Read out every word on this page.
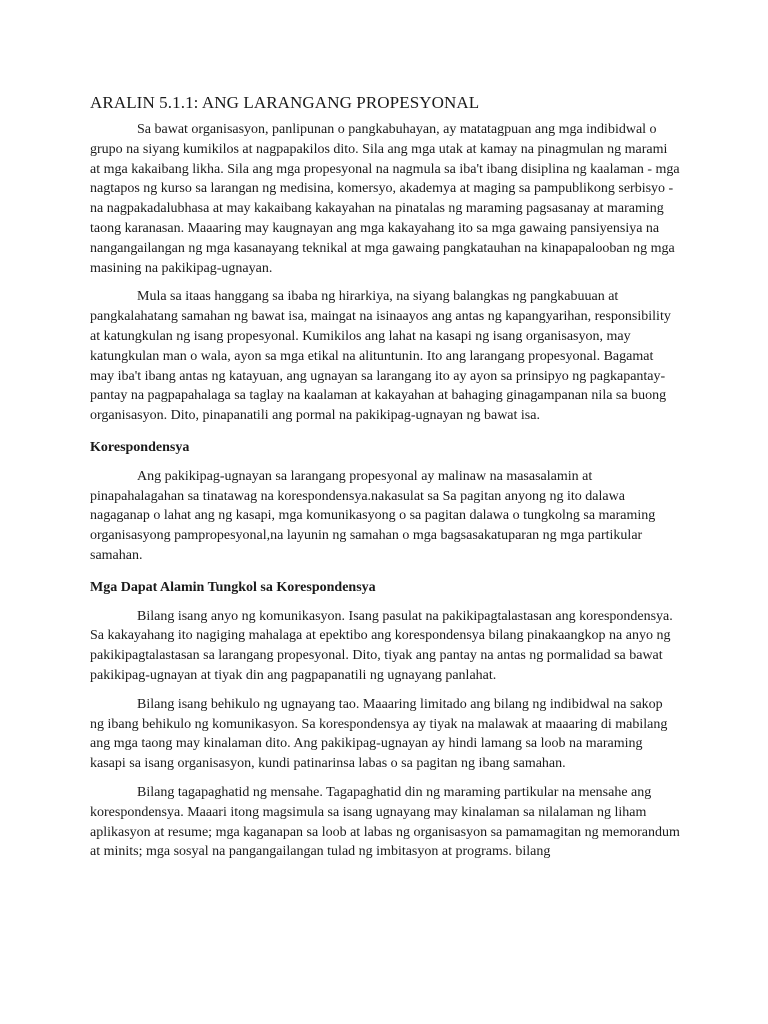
ARALIN 5.1.1: ANG LARANGANG PROPESYONAL

Sa bawat organisasyon, panlipunan o pangkabuhayan, ay matatagpuan ang mga indibidwal o grupo na siyang kumikilos at nagpapakilos dito. Sila ang mga utak at kamay na pinagmulan ng marami at mga kakaibang likha. Sila ang mga propesyonal na nagmula sa iba't ibang disiplina ng kaalaman - mga nagtapos ng kurso sa larangan ng medisina, komersyo, akademya at maging sa pampublikong serbisyo - na nagpakadalubhasa at may kakaibang kakayahan na pinatalas ng maraming pagsasanay at maraming taong karanasan. Maaaring may kaugnayan ang mga kakayahang ito sa mga gawaing pansiyensiya na nangangailangan ng mga kasanayang teknikal at mga gawaing pangkatauhan na kinapapalooban ng mga masining na pakikipag-ugnayan.

Mula sa itaas hanggang sa ibaba ng hirarkiya, na siyang balangkas ng pangkabuuan at pangkalahatang samahan ng bawat isa, maingat na isinaayos ang antas ng kapangyarihan, responsibility at katungkulan ng isang propesyonal. Kumikilos ang lahat na kasapi ng isang organisasyon, may katungkulan man o wala, ayon sa mga etikal na alituntunin. Ito ang larangang propesyonal. Bagamat may iba't ibang antas ng katayuan, ang ugnayan sa larangang ito ay ayon sa prinsipyo ng pagkapantay-pantay na pagpapahalaga sa taglay na kaalaman at kakayahan at bahaging ginagampanan nila sa buong organisasyon. Dito, pinapanatili ang pormal na pakikipag-ugnayan ng bawat isa.

Korespondensya

Ang pakikipag-ugnayan sa larangang propesyonal ay malinaw na masasalamin at pinapahalagahan sa tinatawag na korespondensya.nakasulat sa Sa pagitan anyong ng ito dalawa nagaganap o lahat ang ng kasapi, mga komunikasyong o sa pagitan dalawa o tungkolng sa maraming organisasyong pampropesyonal,na layunin ng samahan o mga bagsasakatuparan ng mga partikular samahan.

Mga Dapat Alamin Tungkol sa Korespondensya

Bilang isang anyo ng komunikasyon. Isang pasulat na pakikipagtalastasan ang korespondensya. Sa kakayahang ito nagiging mahalaga at epektibo ang korespondensya bilang pinakaangkop na anyo ng pakikipagtalastasan sa larangang propesyonal. Dito, tiyak ang pantay na antas ng pormalidad sa bawat pakikipag-ugnayan at tiyak din ang pagpapanatili ng ugnayang panlahat.

Bilang isang behikulo ng ugnayang tao. Maaaring limitado ang bilang ng indibidwal na sakop ng ibang behikulo ng komunikasyon. Sa korespondensya ay tiyak na malawak at maaaring di mabilang ang mga taong may kinalaman dito. Ang pakikipag-ugnayan ay hindi lamang sa loob na maraming kasapi sa isang organisasyon, kundi patinarinsa labas o sa pagitan ng ibang samahan.

Bilang tagapaghatid ng mensahe. Tagapaghatid din ng maraming partikular na mensahe ang korespondensya. Maaari itong magsimula sa isang ugnayang may kinalaman sa nilalaman ng liham aplikasyon at resume; mga kaganapan sa loob at labas ng organisasyon sa pamamagitan ng memorandum at minits; mga sosyal na pangangailangan tulad ng imbitasyon at programs. bilang
